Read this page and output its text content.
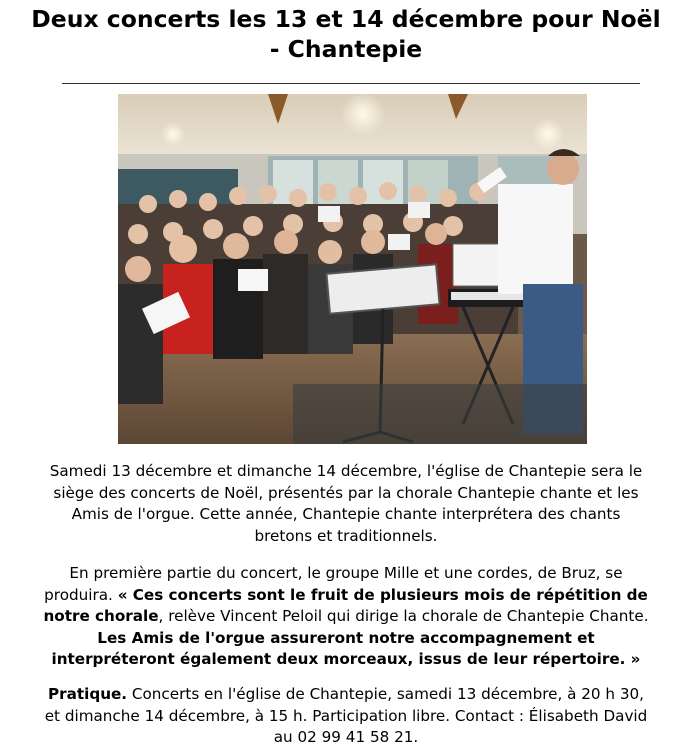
Deux concerts les 13 et 14 décembre pour Noël
- Chantepie

Samedi 13 décembre et dimanche 14 décembre, l'église de Chantepie sera le
siège des concerts de Noël, présentés par la chorale Chantepie chante et les
Amis de l'orgue. Cette année, Chantepie chante interprétera des chants
bretons et traditionnels.

En première partie du concert, le groupe Mille et une cordes, de Bruz, se
produira. « Ces concerts sont le fruit de plusieurs mois de répétition de
notre chorale, relève Vincent Peloil qui dirige la chorale de Chantepie Chante.
Les Amis de l'orgue assureront notre accompagnement et
interpréteront également deux morceaux, issus de leur répertoire. »

Pratique. Concerts en l'église de Chantepie, samedi 13 décembre, à 20 h 30,
et dimanche 14 décembre, à 15 h. Participation libre. Contact : Élisabeth David
au 02 99 41 58 21.
